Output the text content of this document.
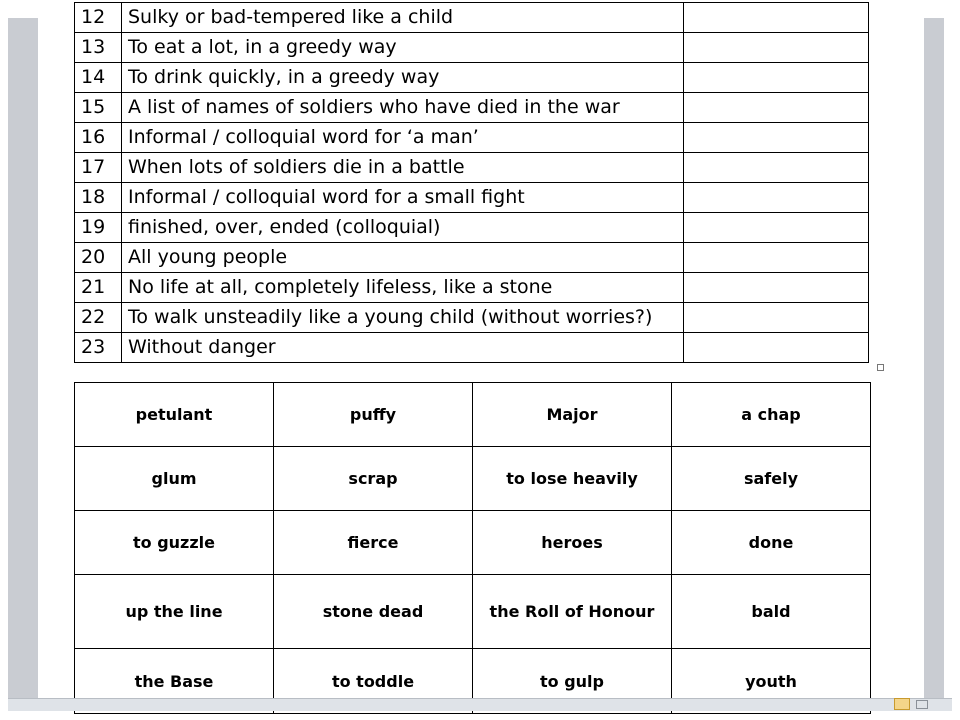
12	Sulky or bad-tempered like a child	
13	To eat a lot, in a greedy way	
14	To drink quickly, in a greedy way	
15	A list of names of soldiers who have died in the war	
16	Informal / colloquial word for ‘a man’	
17	When lots of soldiers die in a battle	
18	Informal / colloquial word for a small fight	
19	finished, over, ended (colloquial)	
20	All young people	
21	No life at all, completely lifeless, like a stone	
22	To walk unsteadily like a young child (without worries?)	
23	Without danger	
petulant	puffy	Major	a chap
glum	scrap	to lose heavily	safely
to guzzle	fierce	heroes	done
up the line	stone dead	the Roll of Honour	bald
the Base	to toddle	to gulp	youth
